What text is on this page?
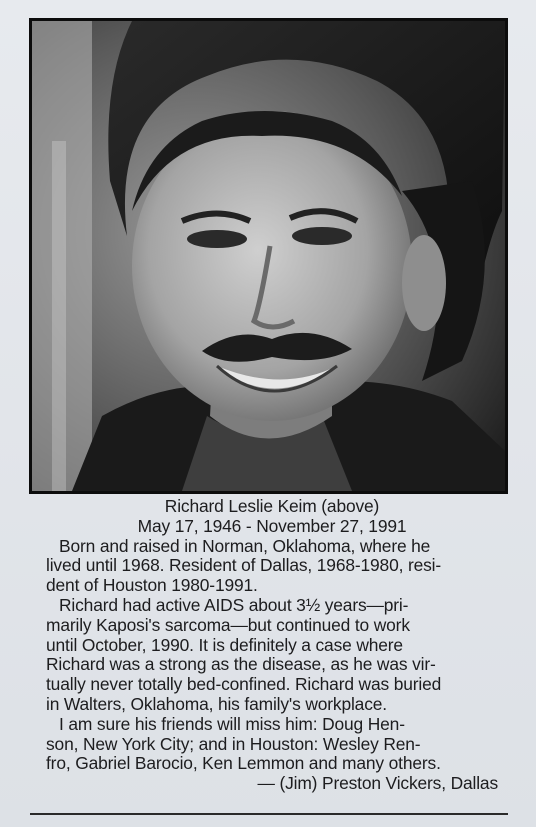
Richard Leslie Keim (above)

May 17, 1946 - November 27, 1991

Born and raised in Norman, Oklahoma, where he

lived until 1968. Resident of Dallas, 1968-1980, resi-

dent of Houston 1980-1991.

Richard had active AIDS about 3½ years—pri-

marily Kaposi's sarcoma—but continued to work

until October, 1990. It is definitely a case where

Richard was a strong as the disease, as he was vir-

tually never totally bed-confined. Richard was buried

in Walters, Oklahoma, his family's workplace.

I am sure his friends will miss him: Doug Hen-

son, New York City; and in Houston: Wesley Ren-

fro, Gabriel Barocio, Ken Lemmon and many others.

— (Jim) Preston Vickers, Dallas
